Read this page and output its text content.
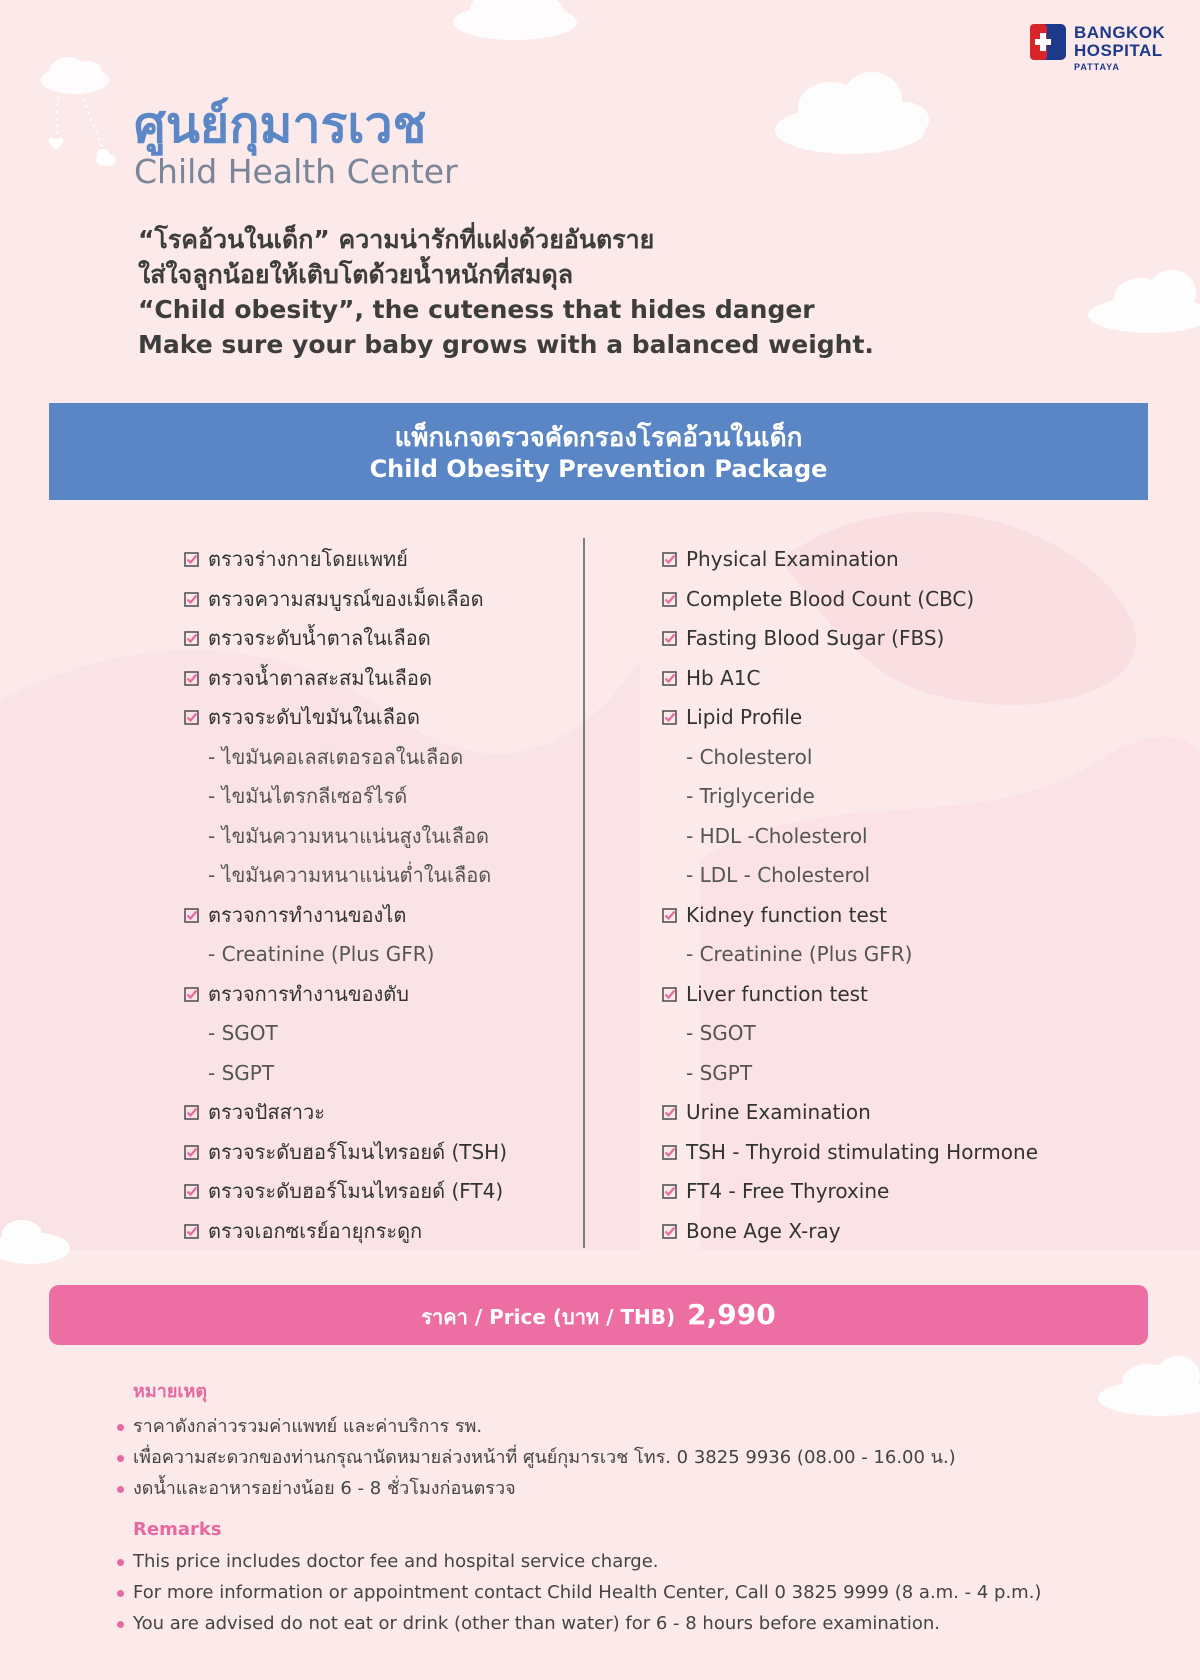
BANGKOK
HOSPITAL
PATTAYA
ศูนย์กุมารเวช
Child Health Center
“โรคอ้วนในเด็ก” ความน่ารักที่แฝงด้วยอันตราย
ใส่ใจลูกน้อยให้เติบโตด้วยน้ำหนักที่สมดุล
“Child obesity”, the cuteness that hides danger
Make sure your baby grows with a balanced weight.
แพ็กเกจตรวจคัดกรองโรคอ้วนในเด็ก
Child Obesity Prevention Package
ตรวจร่างกายโดยแพทย์
ตรวจความสมบูรณ์ของเม็ดเลือด
ตรวจระดับน้ำตาลในเลือด
ตรวจน้ำตาลสะสมในเลือด
ตรวจระดับไขมันในเลือด
- ไขมันคอเลสเตอรอลในเลือด
- ไขมันไตรกลีเซอร์ไรด์
- ไขมันความหนาแน่นสูงในเลือด
- ไขมันความหนาแน่นต่ำในเลือด
ตรวจการทำงานของไต
- Creatinine (Plus GFR)
ตรวจการทำงานของตับ
- SGOT
- SGPT
ตรวจปัสสาวะ
ตรวจระดับฮอร์โมนไทรอยด์ (TSH)
ตรวจระดับฮอร์โมนไทรอยด์ (FT4)
ตรวจเอกซเรย์อายุกระดูก
Physical Examination
Complete Blood Count (CBC)
Fasting Blood Sugar (FBS)
Hb A1C
Lipid Profile
- Cholesterol
- Triglyceride
- HDL -Cholesterol
- LDL - Cholesterol
Kidney function test
- Creatinine (Plus GFR)
Liver function test
- SGOT
- SGPT
Urine Examination
TSH - Thyroid stimulating Hormone
FT4 - Free Thyroxine
Bone Age X-ray
ราคา / Price (บาท / THB) 2,990
หมายเหตุ
ราคาดังกล่าวรวมค่าแพทย์ และค่าบริการ รพ.
เพื่อความสะดวกของท่านกรุณานัดหมายล่วงหน้าที่ ศูนย์กุมารเวช โทร. 0 3825 9936 (08.00 - 16.00 น.)
งดน้ำและอาหารอย่างน้อย 6 - 8 ชั่วโมงก่อนตรวจ
Remarks
This price includes doctor fee and hospital service charge.
For more information or appointment contact Child Health Center, Call 0 3825 9999 (8 a.m. - 4 p.m.)
You are advised do not eat or drink (other than water) for 6 - 8 hours before examination.
